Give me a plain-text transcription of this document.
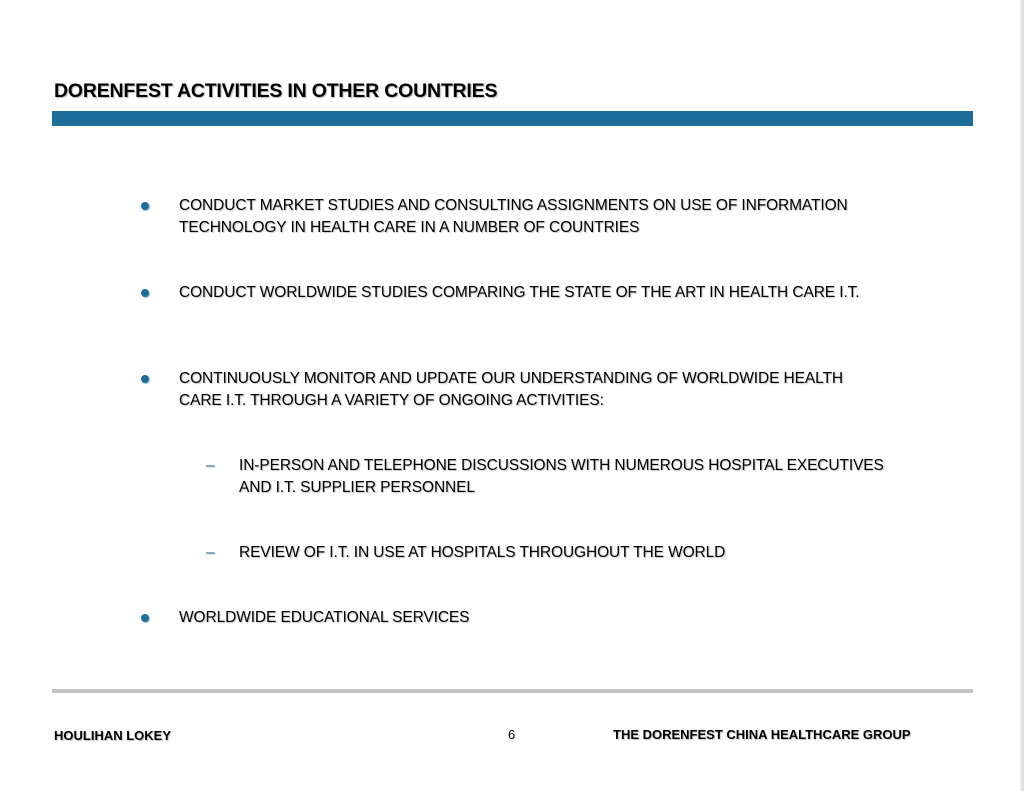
DORENFEST ACTIVITIES IN OTHER COUNTRIES
CONDUCT MARKET STUDIES AND CONSULTING ASSIGNMENTS ON USE OF INFORMATION TECHNOLOGY IN HEALTH CARE IN A NUMBER OF COUNTRIES
CONDUCT WORLDWIDE STUDIES COMPARING THE STATE OF THE ART IN HEALTH CARE I.T.
CONTINUOUSLY MONITOR AND UPDATE OUR UNDERSTANDING OF WORLDWIDE HEALTH CARE I.T. THROUGH A VARIETY OF ONGOING ACTIVITIES:
– IN-PERSON AND TELEPHONE DISCUSSIONS WITH NUMEROUS HOSPITAL EXECUTIVES AND I.T. SUPPLIER PERSONNEL
– REVIEW OF I.T. IN USE AT HOSPITALS THROUGHOUT THE WORLD
WORLDWIDE EDUCATIONAL SERVICES
HOULIHAN LOKEY	6	THE DORENFEST CHINA HEALTHCARE GROUP
